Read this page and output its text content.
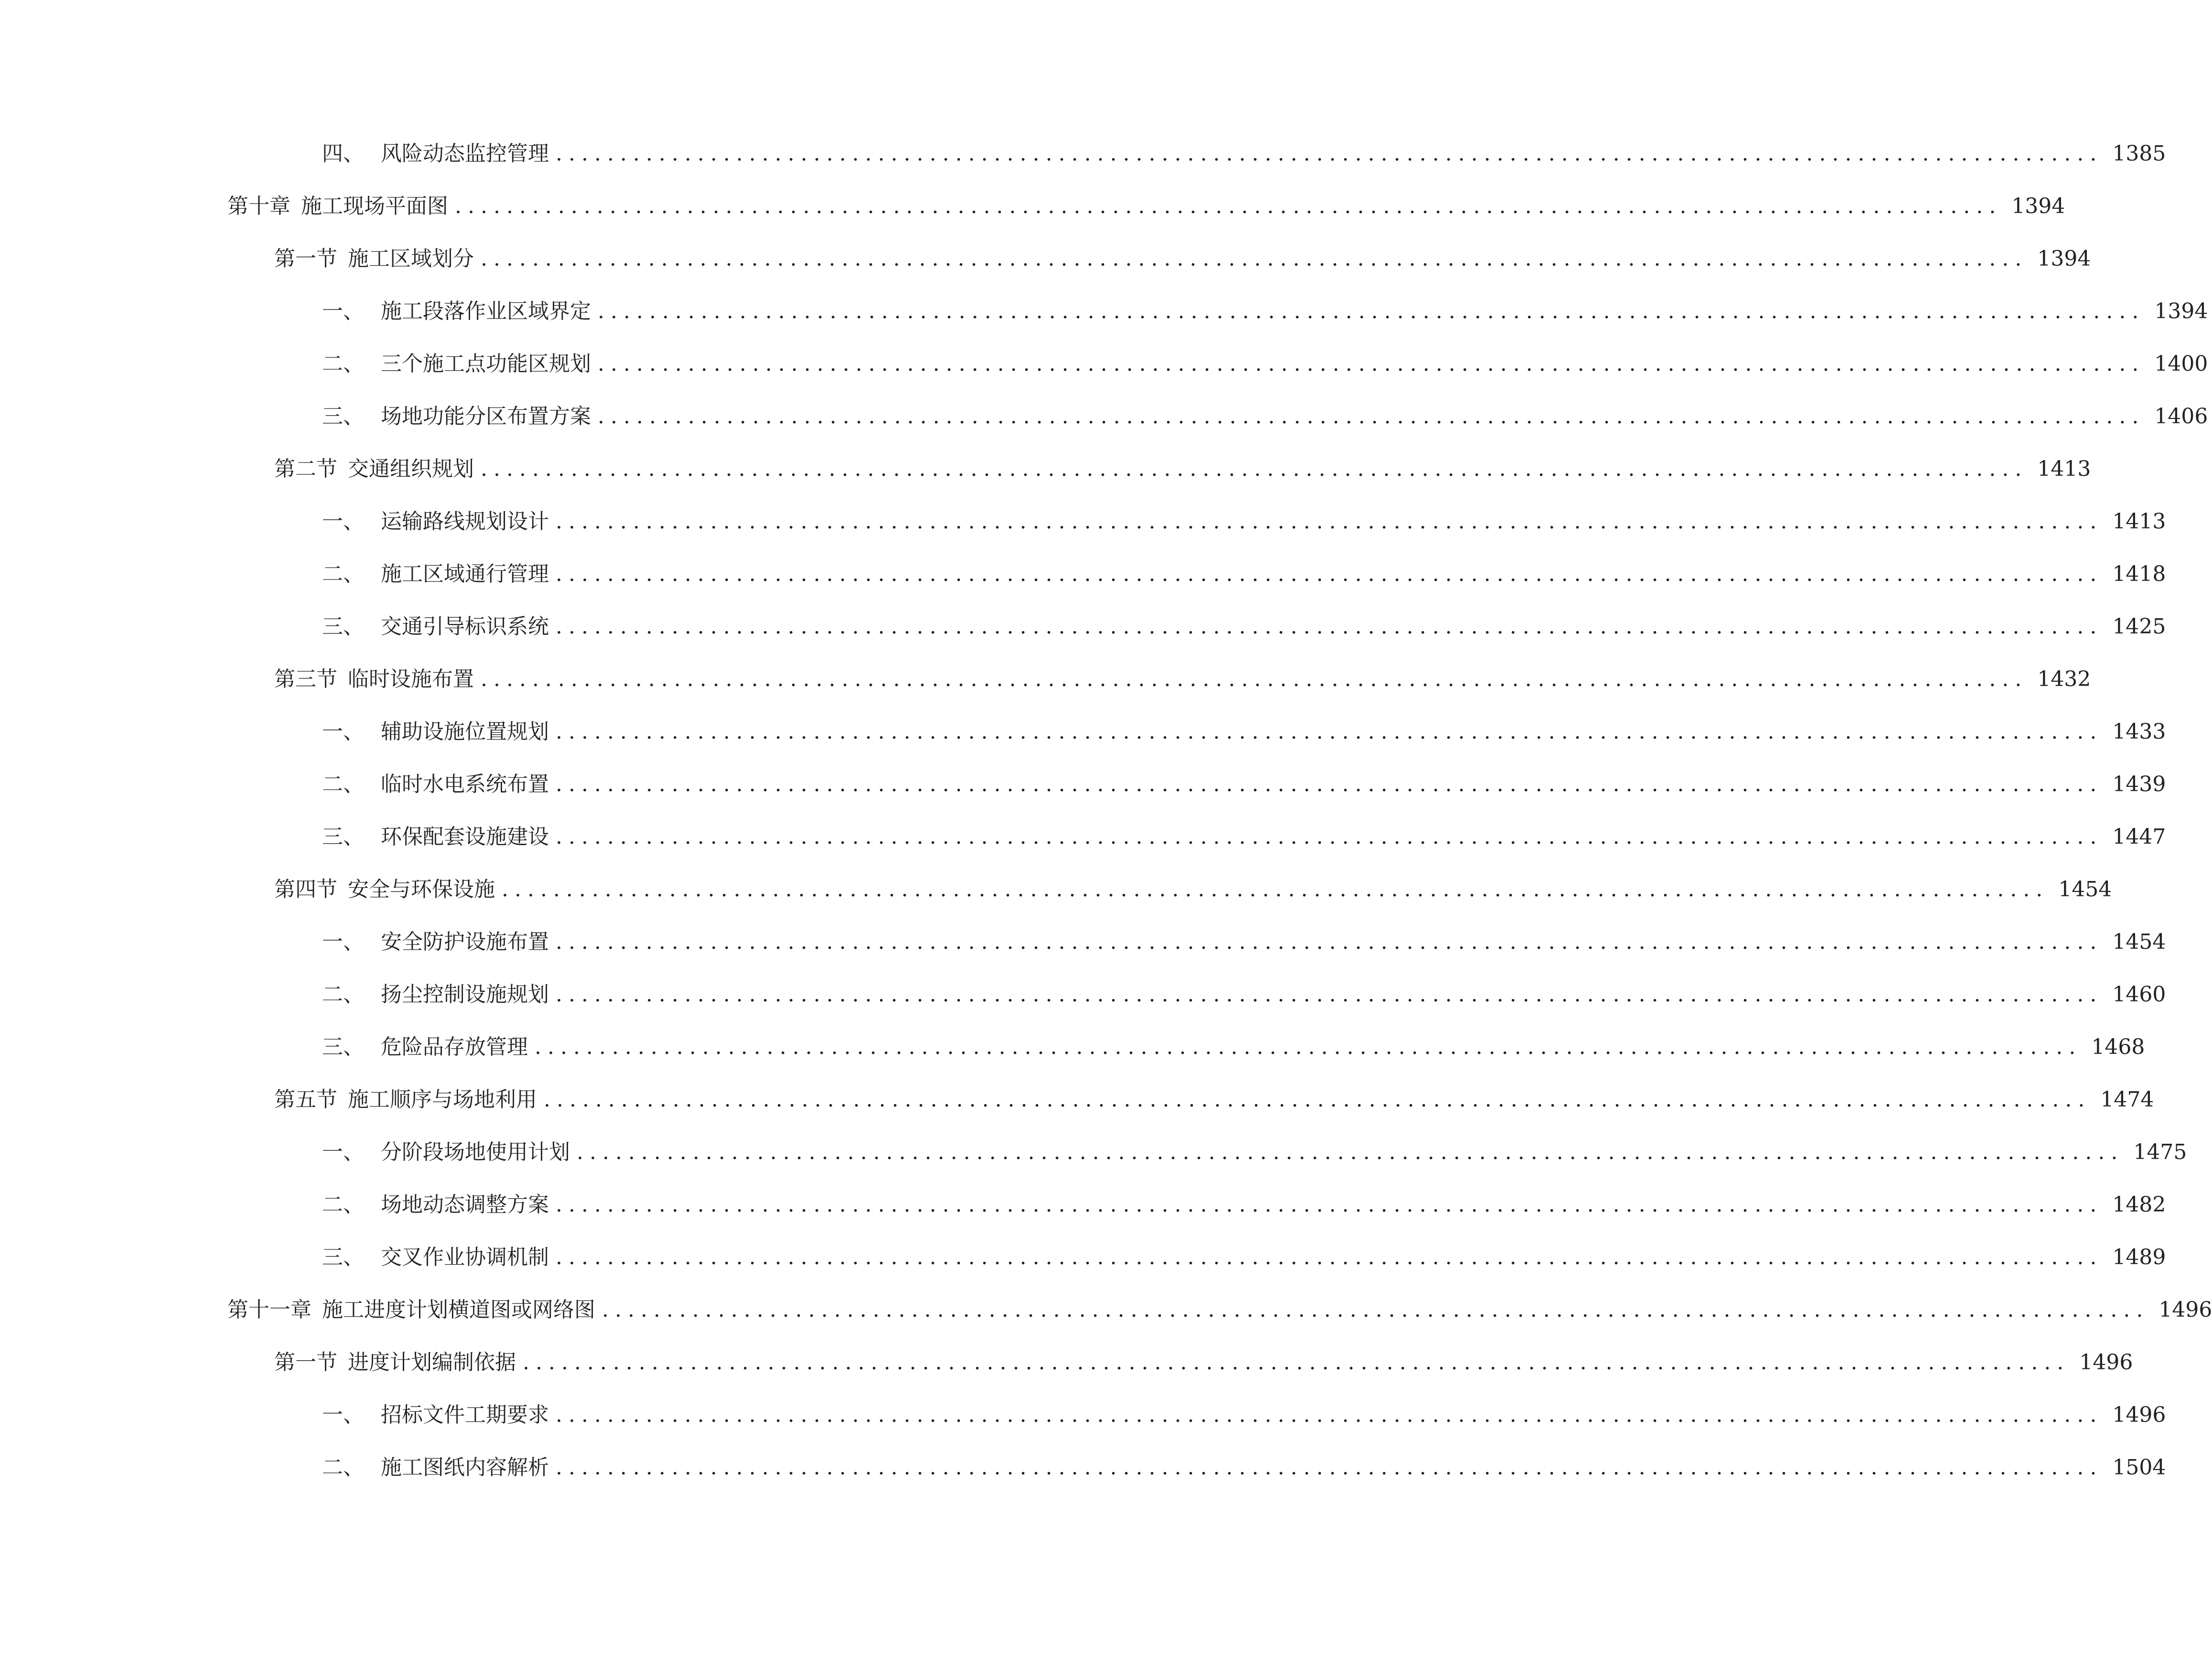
四、 风险动态监控管理 ........................................................................................................................ 1385
第十章 施工现场平面图 ........................................................................................................................ 1394
第一节 施工区域划分 ........................................................................................................................ 1394
一、 施工段落作业区域界定 ........................................................................................................................ 1394
二、 三个施工点功能区规划 ........................................................................................................................ 1400
三、 场地功能分区布置方案 ........................................................................................................................ 1406
第二节 交通组织规划 ........................................................................................................................ 1413
一、 运输路线规划设计 ........................................................................................................................ 1413
二、 施工区域通行管理 ........................................................................................................................ 1418
三、 交通引导标识系统 ........................................................................................................................ 1425
第三节 临时设施布置 ........................................................................................................................ 1432
一、 辅助设施位置规划 ........................................................................................................................ 1433
二、 临时水电系统布置 ........................................................................................................................ 1439
三、 环保配套设施建设 ........................................................................................................................ 1447
第四节 安全与环保设施 ........................................................................................................................ 1454
一、 安全防护设施布置 ........................................................................................................................ 1454
二、 扬尘控制设施规划 ........................................................................................................................ 1460
三、 危险品存放管理 ........................................................................................................................ 1468
第五节 施工顺序与场地利用 ........................................................................................................................ 1474
一、 分阶段场地使用计划 ........................................................................................................................ 1475
二、 场地动态调整方案 ........................................................................................................................ 1482
三、 交叉作业协调机制 ........................................................................................................................ 1489
第十一章 施工进度计划横道图或网络图 ........................................................................................................................ 1496
第一节 进度计划编制依据 ........................................................................................................................ 1496
一、 招标文件工期要求 ........................................................................................................................ 1496
二、 施工图纸内容解析 ........................................................................................................................ 1504
